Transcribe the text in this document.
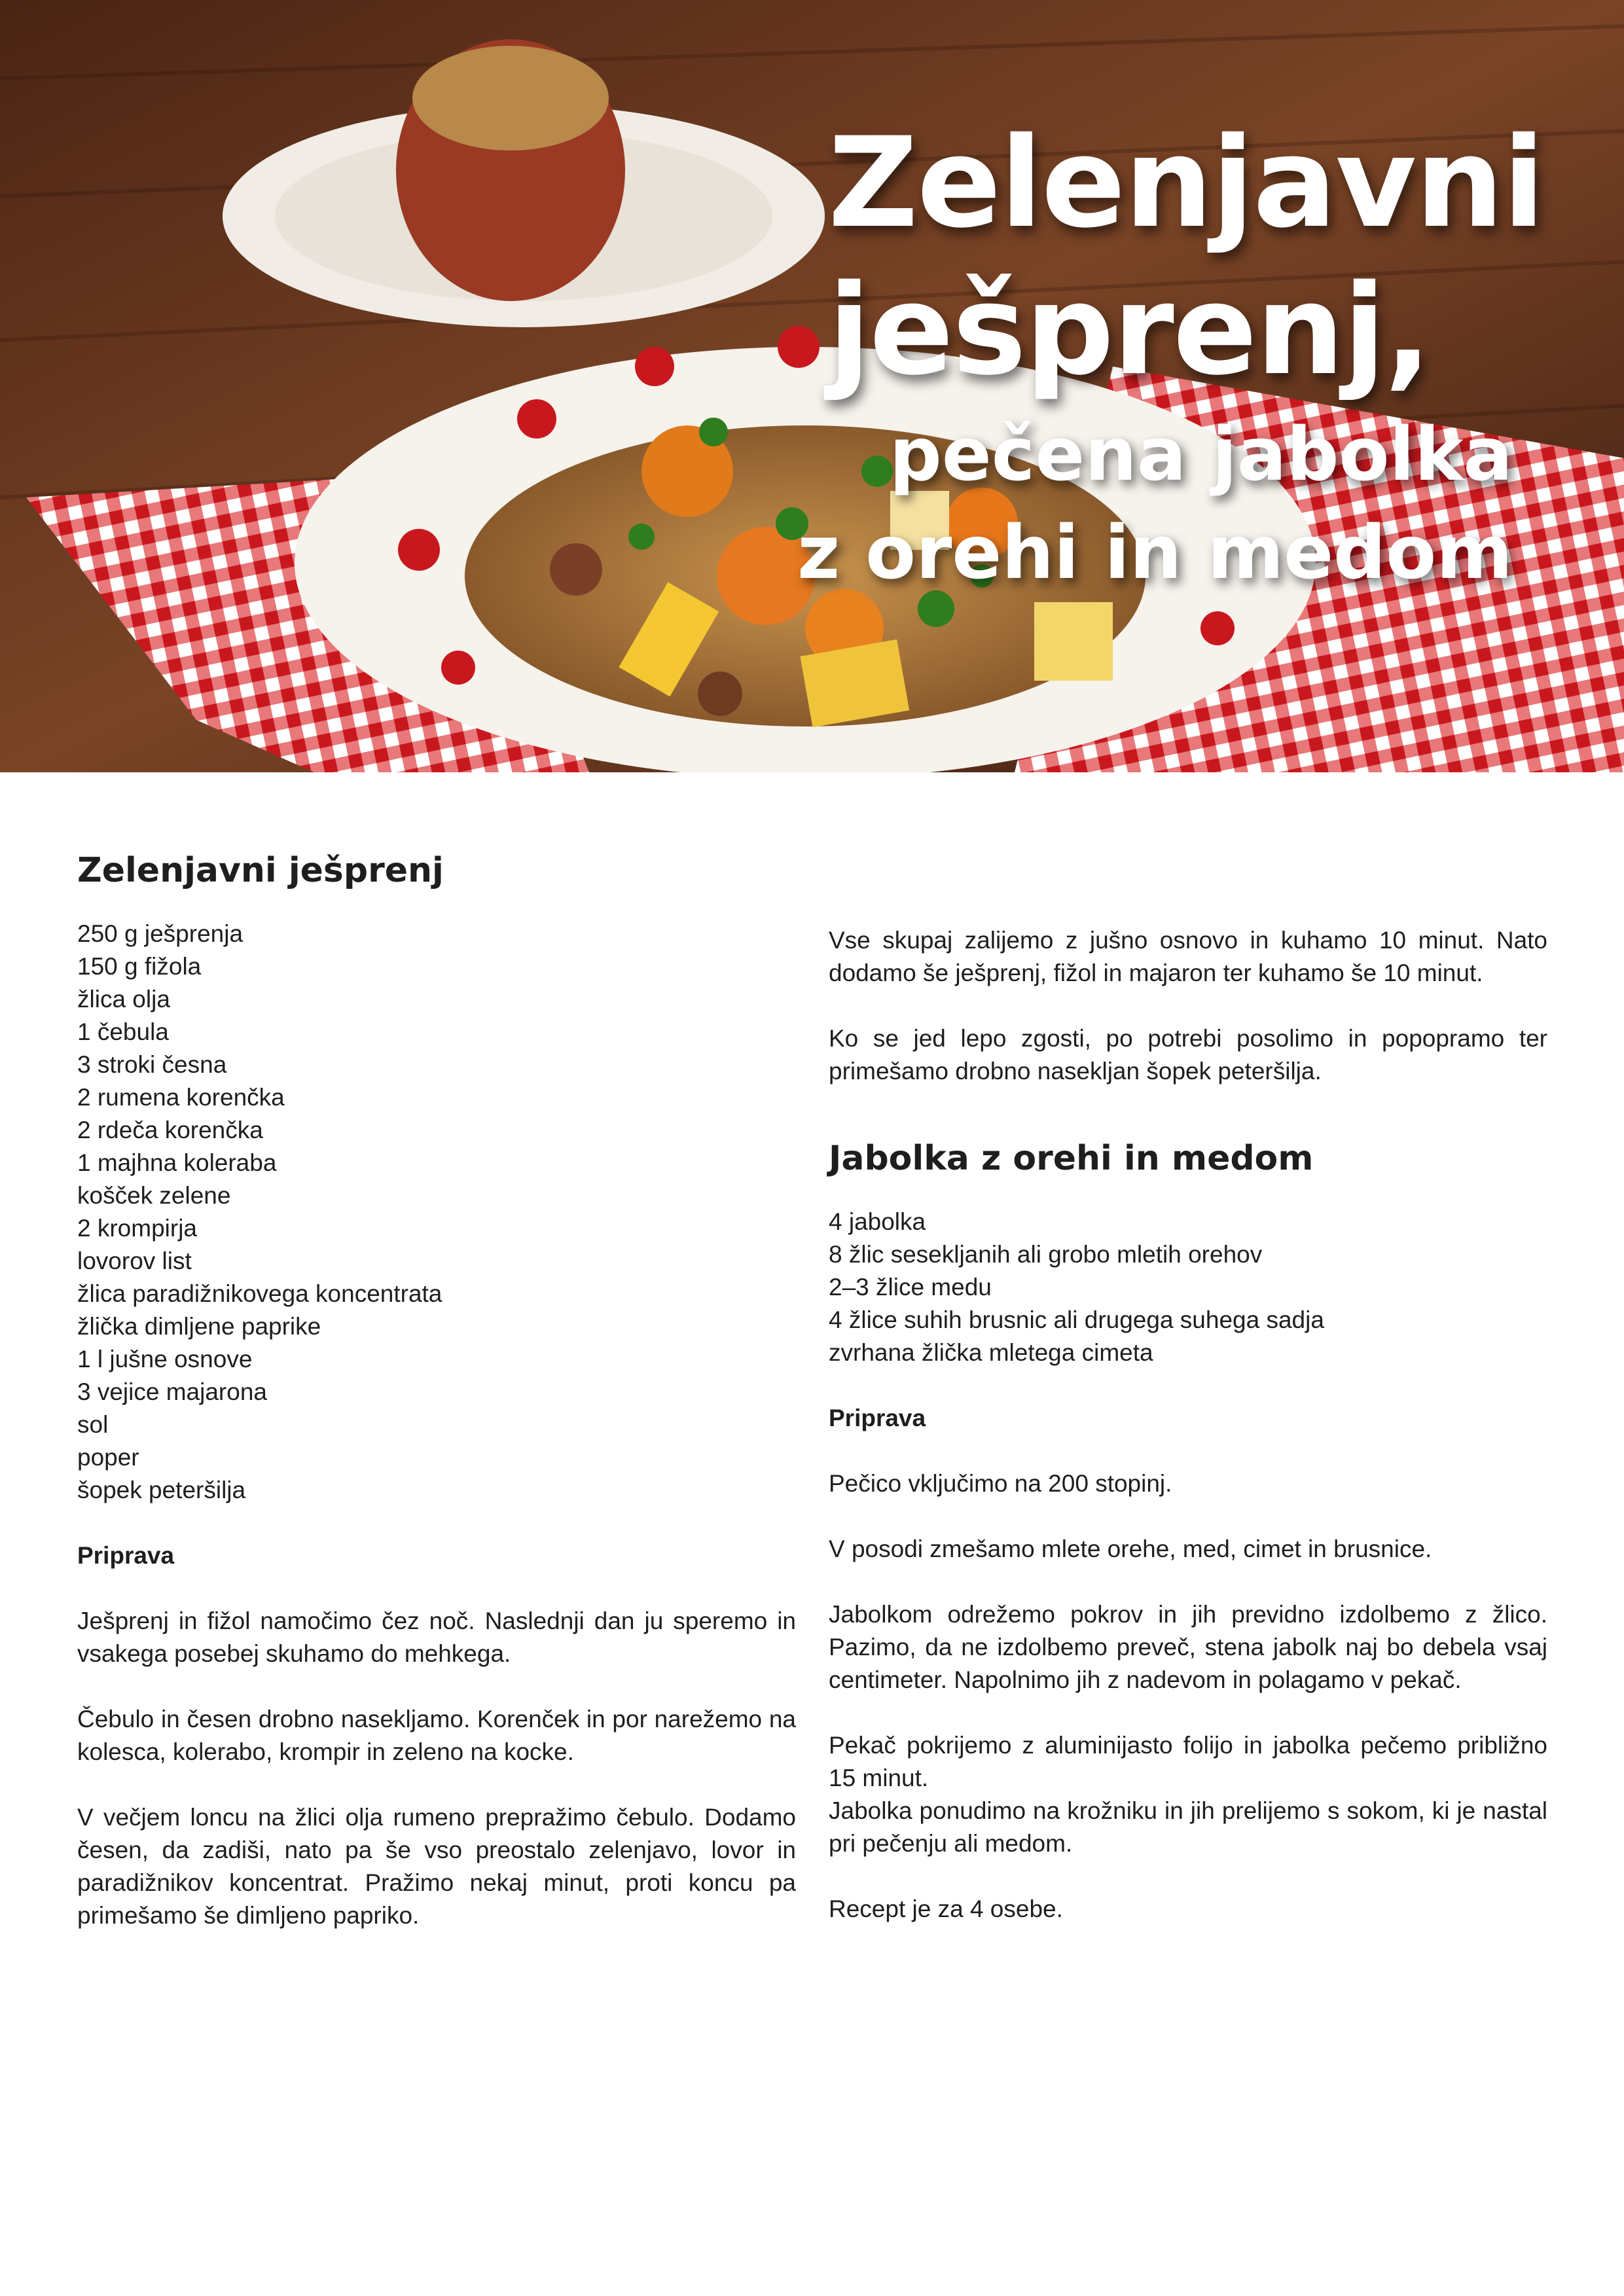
Zelenjavni
ješprenj,
pečena jabolka
z orehi in medom
Zelenjavni ješprenj
250 g ješprenja
150 g fižola
žlica olja
1 čebula
3 stroki česna
2 rumena korenčka
2 rdeča korenčka
1 majhna koleraba
košček zelene
2 krompirja
lovorov list
žlica paradižnikovega koncentrata
žlička dimljene paprike
1 l jušne osnove
3 vejice majarona
sol
poper
šopek peteršilja
Priprava

Ješprenj in fižol namočimo čez noč. Naslednji dan ju speremo in vsakega posebej skuhamo do mehkega.

Čebulo in česen drobno nasekljamo. Korenček in por narežemo na kolesca, kolerabo, krompir in zeleno na kocke.

V večjem loncu na žlici olja rumeno prepražimo čebulo. Dodamo česen, da zadiši, nato pa še vso preostalo zelenjavo, lovor in paradižnikov koncentrat. Pražimo nekaj minut, proti koncu pa primešamo še dimljeno papriko.

Vse skupaj zalijemo z jušno osnovo in kuhamo 10 minut. Nato dodamo še ješprenj, fižol in majaron ter kuhamo še 10 minut.

Ko se jed lepo zgosti, po potrebi posolimo in popopramo ter primešamo drobno nasekljan šopek peteršilja.

Jabolka z orehi in medom
4 jabolka
8 žlic sesekljanih ali grobo mletih orehov
2–3 žlice medu
4 žlice suhih brusnic ali drugega suhega sadja
zvrhana žlička mletega cimeta
Priprava

Pečico vključimo na 200 stopinj.

V posodi zmešamo mlete orehe, med, cimet in brusnice.

Jabolkom odrežemo pokrov in jih previdno izdolbemo z žlico. Pazimo, da ne izdolbemo preveč, stena jabolk naj bo debela vsaj centimeter. Napolnimo jih z nadevom in polagamo v pekač.

Pekač pokrijemo z aluminijasto folijo in jabolka pečemo približno 15 minut.

Jabolka ponudimo na krožniku in jih prelijemo s sokom, ki je nastal pri pečenju ali medom.

Recept je za 4 osebe.
